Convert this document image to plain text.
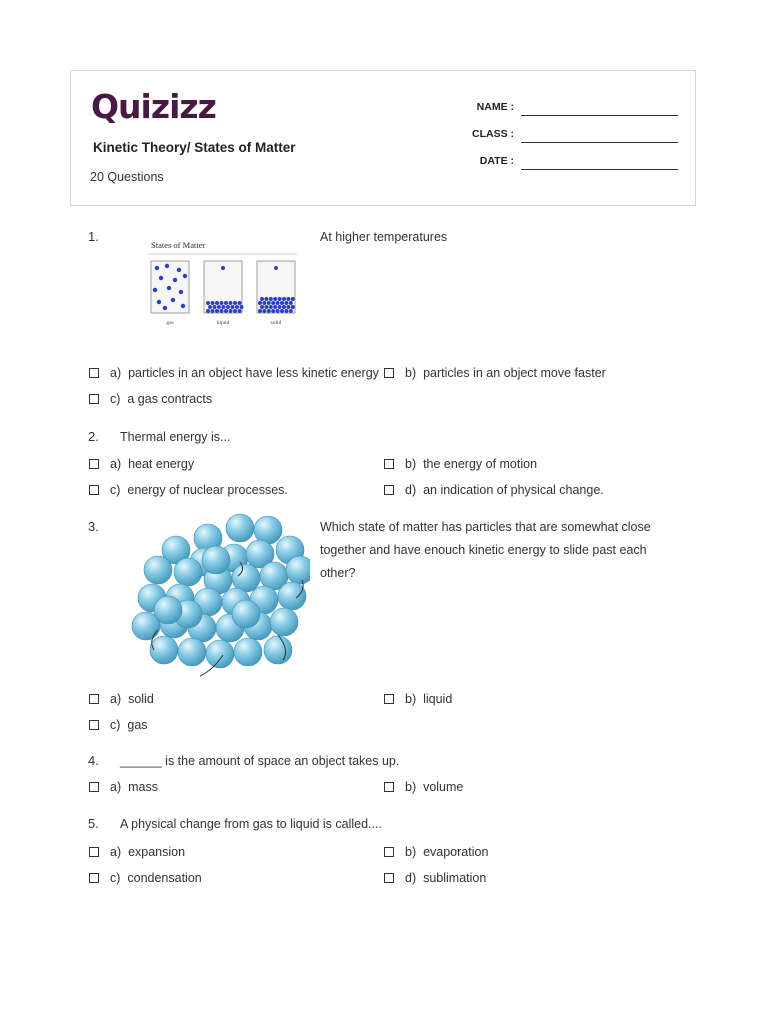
Quizizz
Kinetic Theory/ States of Matter
20 Questions
NAME :
CLASS :
DATE :
1.
States of Matter
gas	liquid	solid
At higher temperatures
a) particles in an object have less kinetic energy b) particles in an object move faster
c) a gas contracts
2. Thermal energy is...
a) heat energy	b) the energy of motion
c) energy of nuclear processes.	d) an indication of physical change.
3.	Which state of matter has particles that are somewhat close together and have enouch kinetic energy to slide past each other?
a) solid	b) liquid
c) gas
4. ______ is the amount of space an object takes up.
a) mass	b) volume
5. A physical change from gas to liquid is called....
a) expansion	b) evaporation
c) condensation	d) sublimation
